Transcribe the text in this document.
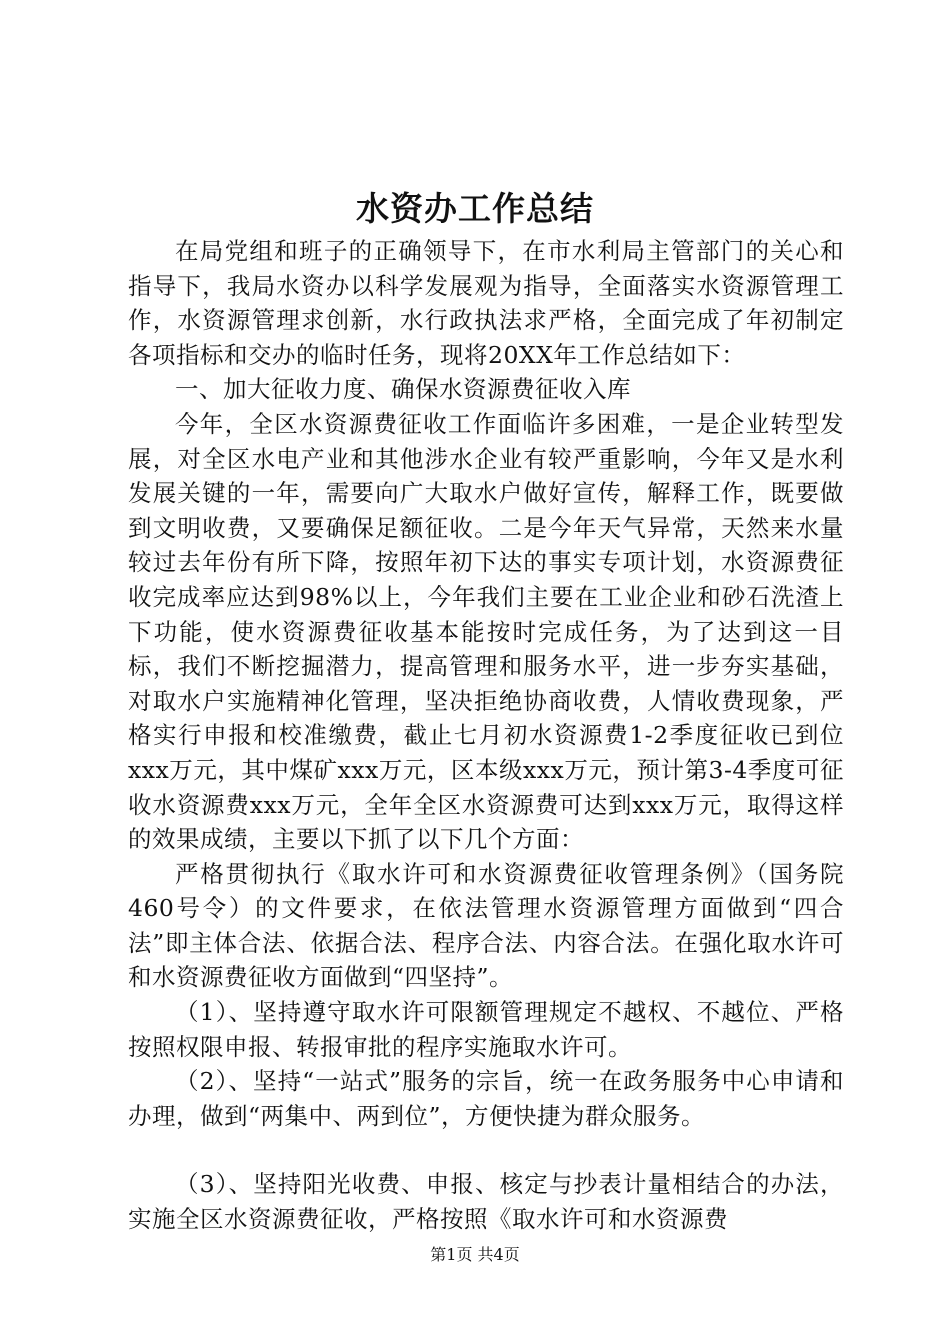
水资办工作总结

在局党组和班子的正确领导下，在市水利局主管部门的关心和指导下，我局水资办以科学发展观为指导，全面落实水资源管理工作，水资源管理求创新，水行政执法求严格，全面完成了年初制定各项指标和交办的临时任务，现将20XX年工作总结如下：

一、加大征收力度、确保水资源费征收入库

今年，全区水资源费征收工作面临许多困难，一是企业转型发展，对全区水电产业和其他涉水企业有较严重影响，今年又是水利发展关键的一年，需要向广大取水户做好宣传，解释工作，既要做到文明收费，又要确保足额征收。二是今年天气异常，天然来水量较过去年份有所下降，按照年初下达的事实专项计划，水资源费征收完成率应达到98%以上，今年我们主要在工业企业和砂石洗渣上下功能，使水资源费征收基本能按时完成任务，为了达到这一目标，我们不断挖掘潜力，提高管理和服务水平，进一步夯实基础，对取水户实施精神化管理，坚决拒绝协商收费，人情收费现象，严格实行申报和校准缴费，截止七月初水资源费1-2季度征收已到位xxx万元，其中煤矿xxx万元，区本级xxx万元，预计第3-4季度可征收水资源费xxx万元，全年全区水资源费可达到xxx万元，取得这样的效果成绩，主要以下抓了以下几个方面：

严格贯彻执行《取水许可和水资源费征收管理条例》（国务院460号令）的文件要求，在依法管理水资源管理方面做到“四合法”即主体合法、依据合法、程序合法、内容合法。在强化取水许可和水资源费征收方面做到“四坚持”。

（1）、坚持遵守取水许可限额管理规定不越权、不越位、严格按照权限申报、转报审批的程序实施取水许可。

（2）、坚持“一站式”服务的宗旨，统一在政务服务中心申请和办理，做到“两集中、两到位”，方便快捷为群众服务。

（3）、坚持阳光收费、申报、核定与抄表计量相结合的办法，实施全区水资源费征收，严格按照《取水许可和水资源费

第1页 共4页
